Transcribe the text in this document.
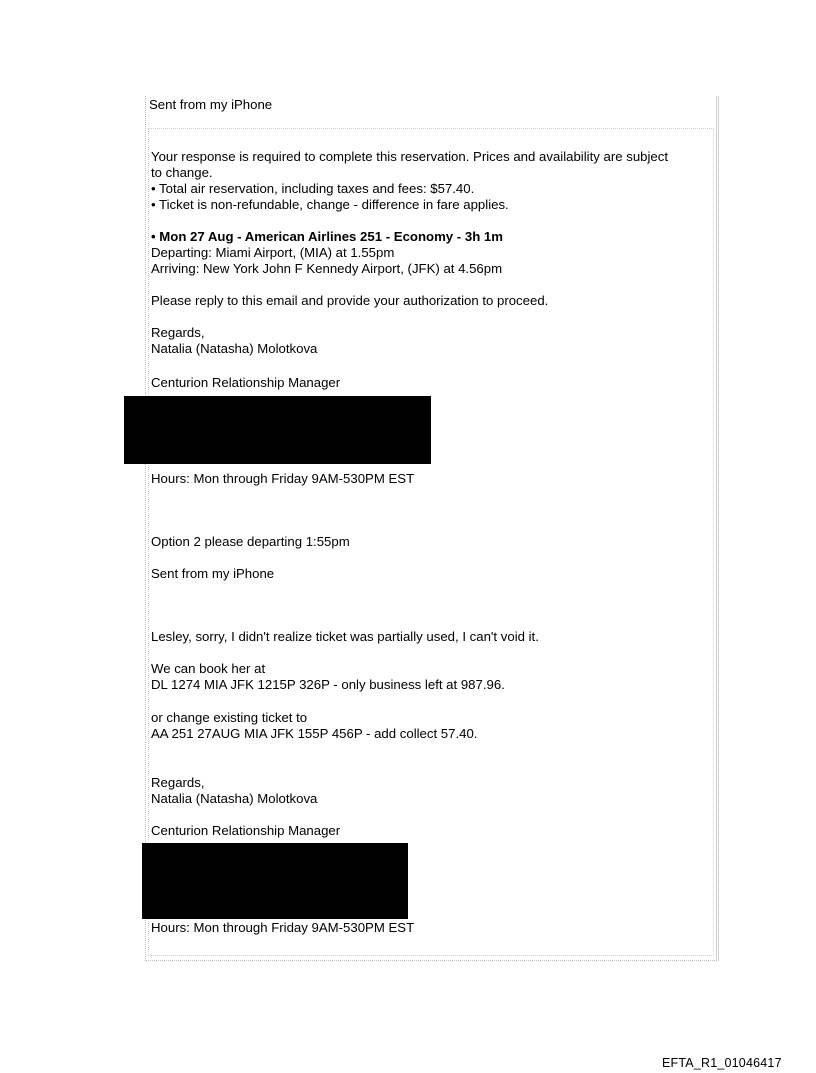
Sent from my iPhone
Your response is required to complete this reservation. Prices and availability are subject
to change.
• Total air reservation, including taxes and fees: $57.40.
• Ticket is non-refundable, change - difference in fare applies.
• Mon 27 Aug - American Airlines 251 - Economy - 3h 1m
Departing: Miami Airport, (MIA) at 1.55pm
Arriving: New York John F Kennedy Airport, (JFK) at 4.56pm
Please reply to this email and provide your authorization to proceed.
Regards,
Natalia (Natasha) Molotkova
Centurion Relationship Manager
Hours: Mon through Friday 9AM-530PM EST
Option 2 please departing 1:55pm
Sent from my iPhone
Lesley, sorry, I didn't realize ticket was partially used, I can't void it.
We can book her at
DL 1274 MIA JFK 1215P 326P - only business left at 987.96.
or change existing ticket to
AA 251 27AUG MIA JFK 155P 456P - add collect 57.40.
Regards,
Natalia (Natasha) Molotkova
Centurion Relationship Manager
Hours: Mon through Friday 9AM-530PM EST
EFTA_R1_01046417
